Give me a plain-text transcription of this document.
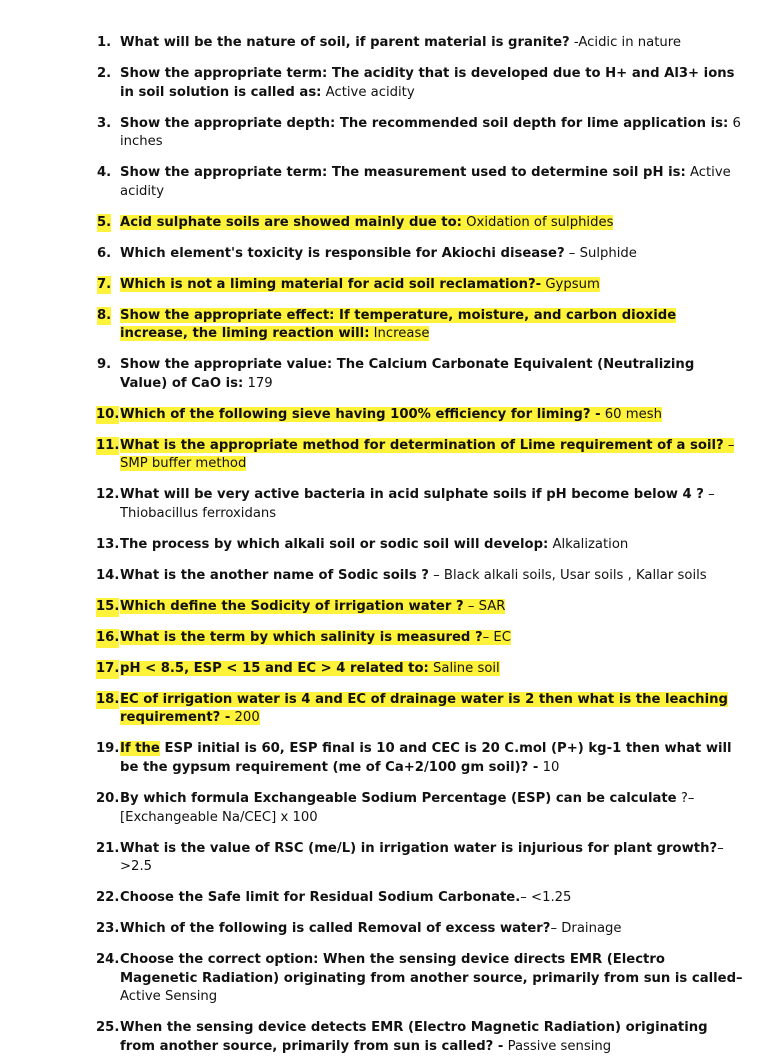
1. What will be the nature of soil, if parent material is granite? -Acidic in nature
2. Show the appropriate term: The acidity that is developed due to H+ and Al3+ ions in soil solution is called as: Active acidity
3. Show the appropriate depth: The recommended soil depth for lime application is: 6 inches
4. Show the appropriate term: The measurement used to determine soil pH is: Active acidity
5. Acid sulphate soils are showed mainly due to: Oxidation of sulphides
6. Which element's toxicity is responsible for Akiochi disease? – Sulphide
7. Which is not a liming material for acid soil reclamation?- Gypsum
8. Show the appropriate effect: If temperature, moisture, and carbon dioxide increase, the liming reaction will: Increase
9. Show the appropriate value: The Calcium Carbonate Equivalent (Neutralizing Value) of CaO is: 179
10. Which of the following sieve having 100% efficiency for liming? - 60 mesh
11. What is the appropriate method for determination of Lime requirement of a soil? – SMP buffer method
12. What will be very active bacteria in acid sulphate soils if pH become below 4 ? – Thiobacillus ferroxidans
13. The process by which alkali soil or sodic soil will develop: Alkalization
14. What is the another name of Sodic soils ? – Black alkali soils, Usar soils , Kallar soils
15. Which define the Sodicity of irrigation water ? – SAR
16. What is the term by which salinity is measured ?– EC
17. pH < 8.5, ESP < 15 and EC > 4 related to: Saline soil
18. EC of irrigation water is 4 and EC of drainage water is 2 then what is the leaching requirement? - 200
19. If the ESP initial is 60, ESP final is 10 and CEC is 20 C.mol (P+) kg-1 then what will be the gypsum requirement (me of Ca+2/100 gm soil)? - 10
20. By which formula Exchangeable Sodium Percentage (ESP) can be calculate ?–[Exchangeable Na/CEC] x 100
21. What is the value of RSC (me/L) in irrigation water is injurious for plant growth?– >2.5
22. Choose the Safe limit for Residual Sodium Carbonate.– <1.25
23. Which of the following is called Removal of excess water?– Drainage
24. Choose the correct option: When the sensing device directs EMR (Electro Magenetic Radiation) originating from another source, primarily from sun is called– Active Sensing
25. When the sensing device detects EMR (Electro Magnetic Radiation) originating from another source, primarily from sun is called? - Passive sensing
